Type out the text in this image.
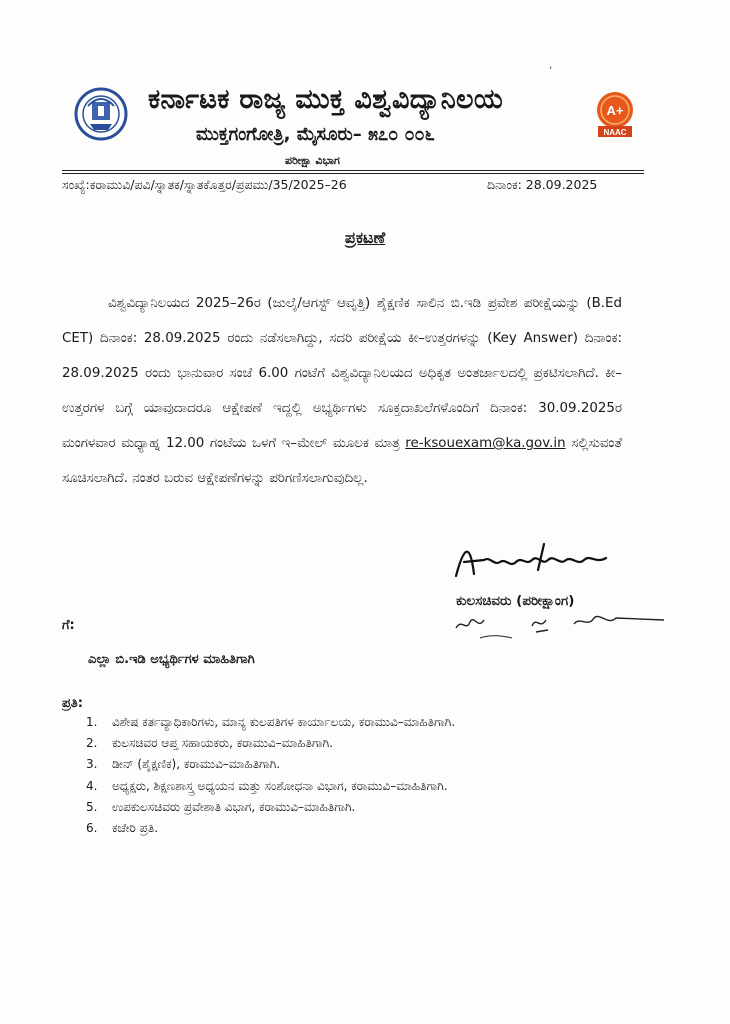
ಕರ್ನಾಟಕ ರಾಜ್ಯ ಮುಕ್ತ ವಿಶ್ವವಿದ್ಯಾನಿಲಯ
ಮುಕ್ತಗಂಗೋತ್ರಿ, ಮೈಸೂರು– ೫೭೦ ೦೦೬
ಪರೀಕ್ಷಾ ವಿಭಾಗ
A+
NAAC
ಸಂಖ್ಯೆ:ಕರಾಮುವಿ/ಪವಿ/ಸ್ನಾತಕ/ಸ್ನಾತಕೊತ್ತರ/ಪ್ರಪಮು/35/2025–26	ದಿನಾಂಕ: 28.09.2025
ಪ್ರಕಟಣೆ
ವಿಶ್ವವಿದ್ಯಾನಿಲಯದ 2025–26ರ (ಜುಲೈ/ಆಗಸ್ಟ್ ಆವೃತ್ತಿ) ಶೈಕ್ಷಣಿಕ ಸಾಲಿನ ಬಿ.ಇಡಿ ಪ್ರವೇಶ ಪರೀಕ್ಷೆಯನ್ನು (B.Ed CET) ದಿನಾಂಕ: 28.09.2025 ರಂದು ನಡೆಸಲಾಗಿದ್ದು, ಸದರಿ ಪರೀಕ್ಷೆಯ ಕೀ–ಉತ್ತರಗಳನ್ನು (Key Answer) ದಿನಾಂಕ: 28.09.2025 ರಂದು ಭಾನುವಾರ ಸಂಜೆ 6.00 ಗಂಟೆಗೆ ವಿಶ್ವವಿದ್ಯಾನಿಲಯದ ಅಧಿಕೃತ ಅಂತರ್ಜಾಲದಲ್ಲಿ ಪ್ರಕಟಿಸಲಾಗಿದೆ. ಕೀ–ಉತ್ತರಗಳ ಬಗ್ಗೆ ಯಾವುದಾದರೂ ಆಕ್ಷೇಪಣೆ ಇದ್ದಲ್ಲಿ ಅಭ್ಯರ್ಥಿಗಳು ಸೂಕ್ತದಾಖಲೆಗಳೊಂದಿಗೆ ದಿನಾಂಕ: 30.09.2025ರ ಮಂಗಳವಾರ ಮಧ್ಯಾಹ್ನ 12.00 ಗಂಟೆಯ ಒಳಗೆ ಇ–ಮೇಲ್ ಮೂಲಕ ಮಾತ್ರ re-ksouexam@ka.gov.in ಸಲ್ಲಿಸುವಂತೆ ಸೂಚಿಸಲಾಗಿದೆ. ನಂತರ ಬರುವ ಆಕ್ಷೇಪಣೆಗಳನ್ನು ಪರಿಗಣಿಸಲಾಗುವುದಿಲ್ಲ.
ಕುಲಸಚಿವರು (ಪರೀಕ್ಷಾಂಗ)
ಗೆ:
ಎಲ್ಲಾ ಬಿ.ಇಡಿ ಅಭ್ಯರ್ಥಿಗಳ ಮಾಹಿತಿಗಾಗಿ
ಪ್ರತಿ:
1. ವಿಶೇಷ ಕರ್ತವ್ಯಾಧಿಕಾರಿಗಳು, ಮಾನ್ಯ ಕುಲಪತಿಗಳ ಕಾರ್ಯಾಲಯ, ಕರಾಮುವಿ–ಮಾಹಿತಿಗಾಗಿ.
2. ಕುಲಸಚಿವರ ಆಪ್ತ ಸಹಾಯಕರು, ಕರಾಮುವಿ–ಮಾಹಿತಿಗಾಗಿ.
3. ಡೀನ್ (ಶೈಕ್ಷಣಿಕ), ಕರಾಮುವಿ–ಮಾಹಿತಿಗಾಗಿ.
4. ಅಧ್ಯಕ್ಷರು, ಶಿಕ್ಷಣಶಾಸ್ತ್ರ ಅಧ್ಯಯನ ಮತ್ತು ಸಂಶೋಧನಾ ವಿಭಾಗ, ಕರಾಮುವಿ–ಮಾಹಿತಿಗಾಗಿ.
5. ಉಪಕುಲಸಚಿವರು ಪ್ರವೇಶಾತಿ ವಿಭಾಗ, ಕರಾಮುವಿ–ಮಾಹಿತಿಗಾಗಿ.
6. ಕಚೇರಿ ಪ್ರತಿ.
,
